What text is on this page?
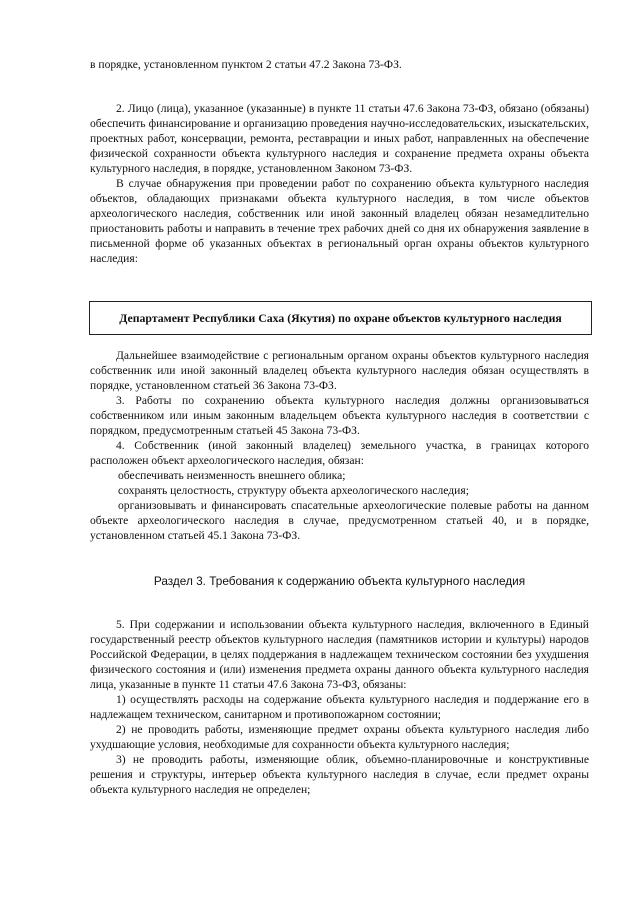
в порядке, установленном пунктом 2 статьи 47.2 Закона 73-ФЗ.

2. Лицо (лица), указанное (указанные) в пункте 11 статьи 47.6 Закона 73-ФЗ, обязано (обязаны) обеспечить финансирование и организацию проведения научно-исследовательских, изыскательских, проектных работ, консервации, ремонта, реставрации и иных работ, направленных на обеспечение физической сохранности объекта культурного наследия и сохранение предмета охраны объекта культурного наследия, в порядке, установленном Законом 73-ФЗ.

В случае обнаружения при проведении работ по сохранению объекта культурного наследия объектов, обладающих признаками объекта культурного наследия, в том числе объектов археологического наследия, собственник или иной законный владелец обязан незамедлительно приостановить работы и направить в течение трех рабочих дней со дня их обнаружения заявление в письменной форме об указанных объектах в региональный орган охраны объектов культурного наследия:

Департамент Республики Саха (Якутия) по охране объектов культурного наследия

Дальнейшее взаимодействие с региональным органом охраны объектов культурного наследия собственник или иной законный владелец объекта культурного наследия обязан осуществлять в порядке, установленном статьей 36 Закона 73-ФЗ.

3. Работы по сохранению объекта культурного наследия должны организовываться собственником или иным законным владельцем объекта культурного наследия в соответствии с порядком, предусмотренным статьей 45 Закона 73-ФЗ.

4. Собственник (иной законный владелец) земельного участка, в границах которого расположен объект археологического наследия, обязан:

обеспечивать неизменность внешнего облика;

сохранять целостность, структуру объекта археологического наследия;

организовывать и финансировать спасательные археологические полевые работы на данном объекте археологического наследия в случае, предусмотренном статьей 40, и в порядке, установленном статьей 45.1 Закона 73-ФЗ.

Раздел 3. Требования к содержанию объекта культурного наследия

5. При содержании и использовании объекта культурного наследия, включенного в Единый государственный реестр объектов культурного наследия (памятников истории и культуры) народов Российской Федерации, в целях поддержания в надлежащем техническом состоянии без ухудшения физического состояния и (или) изменения предмета охраны данного объекта культурного наследия лица, указанные в пункте 11 статьи 47.6 Закона 73-ФЗ, обязаны:

1) осуществлять расходы на содержание объекта культурного наследия и поддержание его в надлежащем техническом, санитарном и противопожарном состоянии;

2) не проводить работы, изменяющие предмет охраны объекта культурного наследия либо ухудшающие условия, необходимые для сохранности объекта культурного наследия;

3) не проводить работы, изменяющие облик, объемно-планировочные и конструктивные решения и структуры, интерьер объекта культурного наследия в случае, если предмет охраны объекта культурного наследия не определен;
